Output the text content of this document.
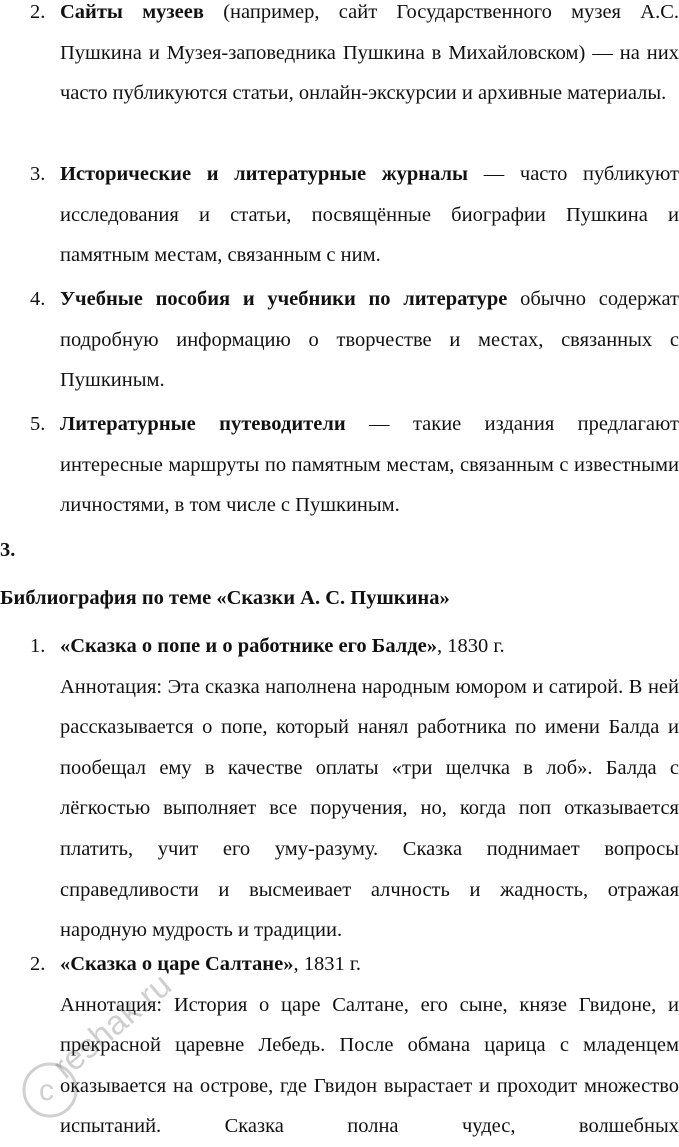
2. Сайты музеев (например, сайт Государственного музея А.С. Пушкина и Музея-заповедника Пушкина в Михайловском) — на них часто публикуются статьи, онлайн-экскурсии и архивные материалы.
3. Исторические и литературные журналы — часто публикуют исследования и статьи, посвящённые биографии Пушкина и памятным местам, связанным с ним.
4. Учебные пособия и учебники по литературе обычно содержат подробную информацию о творчестве и местах, связанных с Пушкиным.
5. Литературные путеводители — такие издания предлагают интересные маршруты по памятным местам, связанным с известными личностями, в том числе с Пушкиным.
3.
Библиография по теме «Сказки А. С. Пушкина»
1. «Сказка о попе и о работнике его Балде», 1830 г.
Аннотация: Эта сказка наполнена народным юмором и сатирой. В ней рассказывается о попе, который нанял работника по имени Балда и пообещал ему в качестве оплаты «три щелчка в лоб». Балда с лёгкостью выполняет все поручения, но, когда поп отказывается платить, учит его уму-разуму. Сказка поднимает вопросы справедливости и высмеивает алчность и жадность, отражая народную мудрость и традиции.
2. «Сказка о царе Салтане», 1831 г.
Аннотация: История о царе Салтане, его сыне, князе Гвидоне, и прекрасной царевне Лебедь. После обмана царица с младенцем оказывается на острове, где Гвидон вырастает и проходит множество испытаний. Сказка полна чудес, волшебных
c
reshak.ru
